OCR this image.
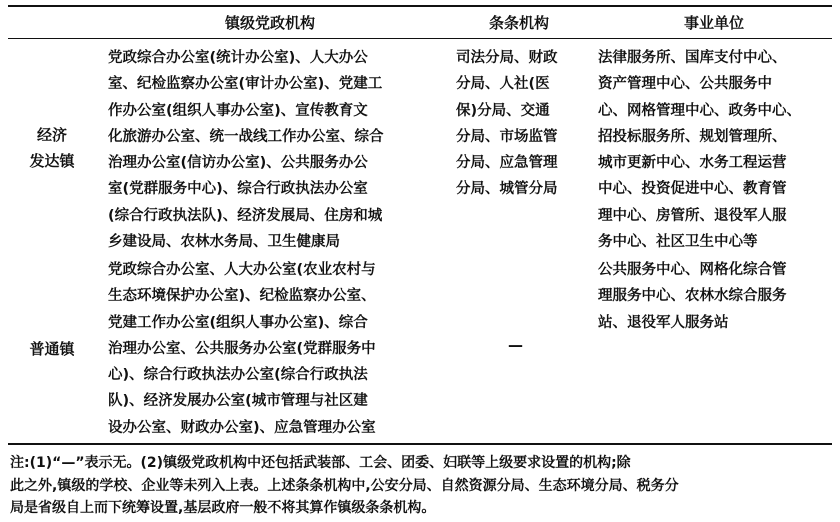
镇级党政机构	条条机构	事业单位
经济
发达镇
党政综合办公室(统计办公室)、人大办公
室、纪检监察办公室(审计办公室)、党建工
作办公室(组织人事办公室)、宣传教育文
化旅游办公室、统一战线工作办公室、综合
治理办公室(信访办公室)、公共服务办公
室(党群服务中心)、综合行政执法办公室
(综合行政执法队)、经济发展局、住房和城
乡建设局、农林水务局、卫生健康局
司法分局、财政
分局、人社(医
保)分局、交通
分局、市场监管
分局、应急管理
分局、城管分局
法律服务所、国库支付中心、
资产管理中心、公共服务中
心、网格管理中心、政务中心、
招投标服务所、规划管理所、
城市更新中心、水务工程运营
中心、投资促进中心、教育管
理中心、房管所、退役军人服
务中心、社区卫生中心等
普通镇
党政综合办公室、人大办公室(农业农村与
生态环境保护办公室)、纪检监察办公室、
党建工作办公室(组织人事办公室)、综合
治理办公室、公共服务办公室(党群服务中
心)、综合行政执法办公室(综合行政执法
队)、经济发展办公室(城市管理与社区建
设办公室、财政办公室)、应急管理办公室
—
公共服务中心、网格化综合管
理服务中心、农林水综合服务
站、退役军人服务站
注:(1)“—”表示无。(2)镇级党政机构中还包括武装部、工会、团委、妇联等上级要求设置的机构;除
此之外,镇级的学校、企业等未列入上表。上述条条机构中,公安分局、自然资源分局、生态环境分局、税务分
局是省级自上而下统筹设置,基层政府一般不将其算作镇级条条机构。
